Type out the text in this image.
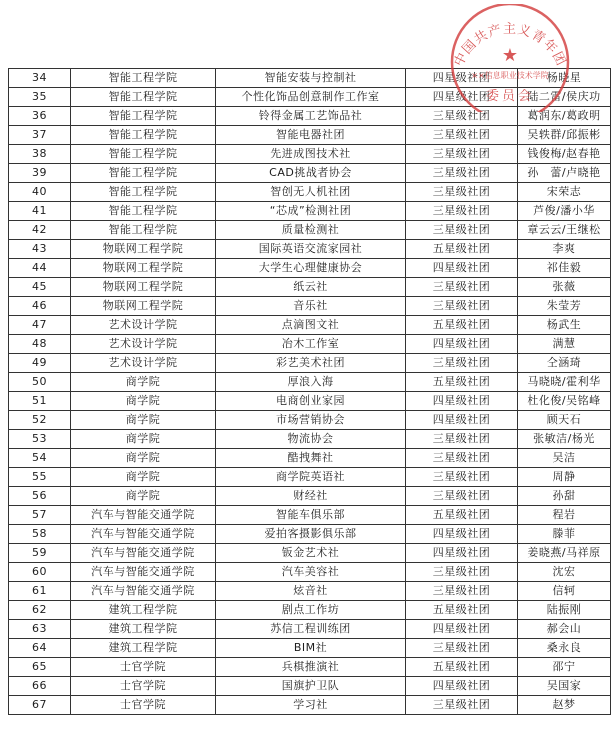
34	智能工程学院	智能安装与控制社	四星级社团	杨晓星
35	智能工程学院	个性化饰品创意制作工作室	四星级社团	陆二雷/侯庆功
36	智能工程学院	铃得金属工艺饰品社	三星级社团	葛润东/葛政明
37	智能工程学院	智能电器社团	三星级社团	吴轶群/邱振彬
38	智能工程学院	先进成图技术社	三星级社团	钱俊梅/赵春艳
39	智能工程学院	CAD挑战者协会	三星级社团	孙　蕾/卢晓艳
40	智能工程学院	智创无人机社团	三星级社团	宋荣志
41	智能工程学院	“芯成”检测社团	三星级社团	芦俊/潘小华
42	智能工程学院	质量检测社	三星级社团	章云云/王继松
43	物联网工程学院	国际英语交流家园社	五星级社团	李爽
44	物联网工程学院	大学生心理健康协会	四星级社团	祁佳毅
45	物联网工程学院	纸云社	三星级社团	张薇
46	物联网工程学院	音乐社	三星级社团	朱莹芳
47	艺术设计学院	点滴图文社	五星级社团	杨武生
48	艺术设计学院	冶木工作室	四星级社团	满慧
49	艺术设计学院	彩艺美术社团	三星级社团	仝涵琦
50	商学院	厚浪入海	五星级社团	马晓晓/霍利华
51	商学院	电商创业家园	四星级社团	杜化俊/吴铭峰
52	商学院	市场营销协会	四星级社团	顾天石
53	商学院	物流协会	三星级社团	张敏洁/杨光
54	商学院	酷拽舞社	三星级社团	吴洁
55	商学院	商学院英语社	三星级社团	周静
56	商学院	财经社	三星级社团	孙甜
57	汽车与智能交通学院	智能车俱乐部	五星级社团	程岩
58	汽车与智能交通学院	爱拍客摄影俱乐部	四星级社团	滕菲
59	汽车与智能交通学院	钣金艺术社	四星级社团	姜晓燕/马祥原
60	汽车与智能交通学院	汽车美容社	三星级社团	沈宏
61	汽车与智能交通学院	炫音社	三星级社团	信轲
62	建筑工程学院	剧点工作坊	五星级社团	陆振刚
63	建筑工程学院	苏信工程训练团	四星级社团	郝会山
64	建筑工程学院	BIM社	三星级社团	桑永良
65	士官学院	兵棋推演社	五星级社团	邵宁
66	士官学院	国旗护卫队	四星级社团	吴国家
67	士官学院	学习社	三星级社团	赵梦
中国共产主义青年团
★
××信息职业技术学院
委员会
